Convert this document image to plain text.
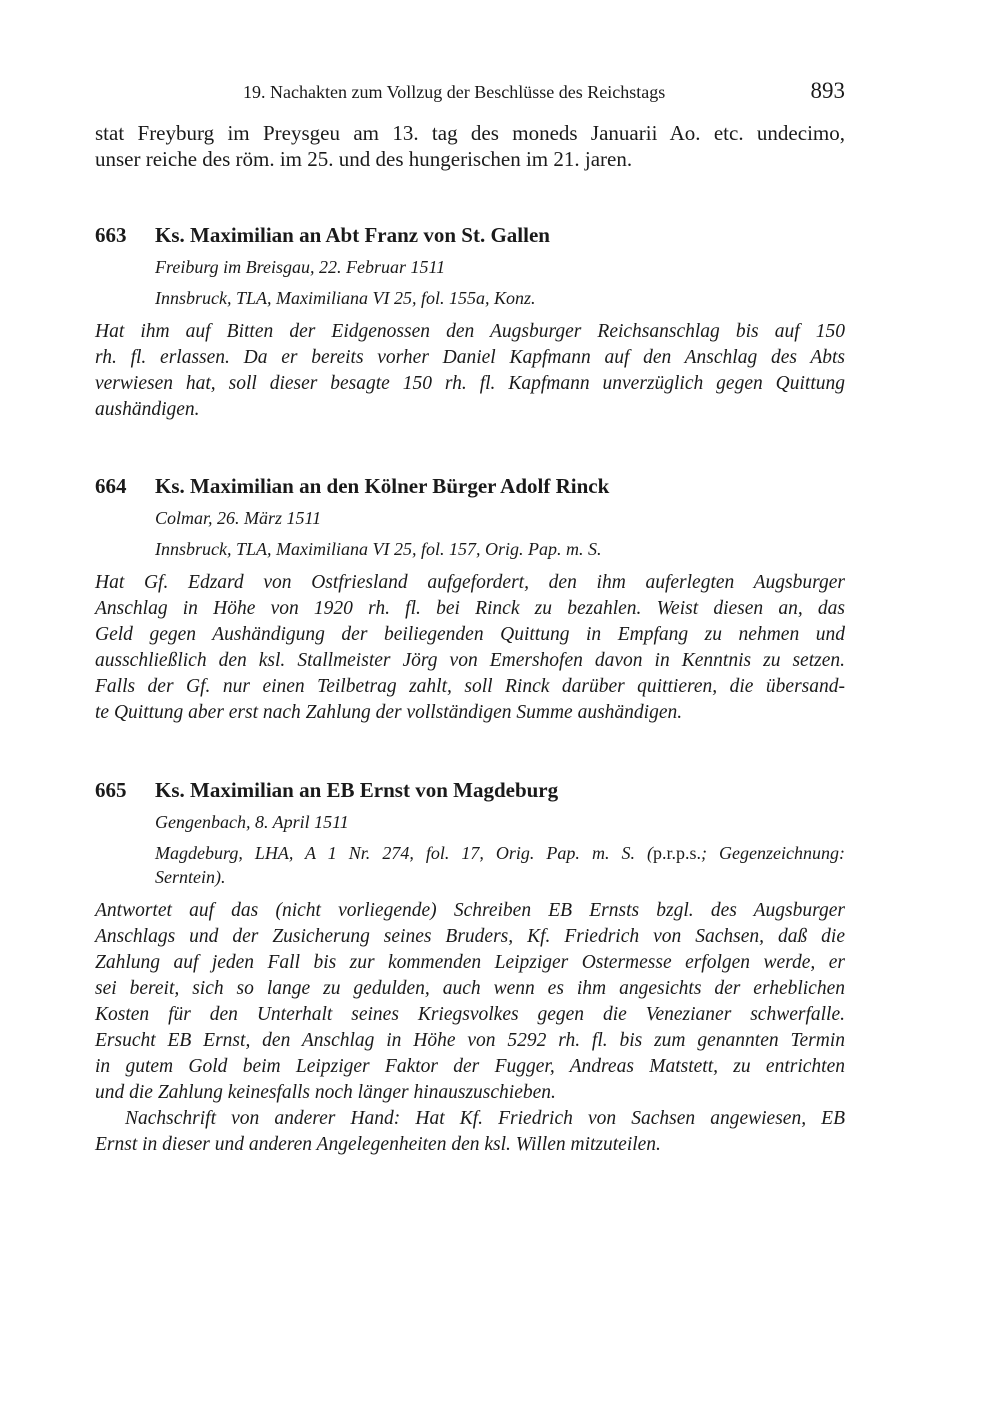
19. Nachakten zum Vollzug der Beschlüsse des Reichstags	893
stat Freyburg im Preysgeu am 13. tag des moneds Januarii Ao. etc. undecimo,
unser reiche des röm. im 25. und des hungerischen im 21. jaren.
663 Ks. Maximilian an Abt Franz von St. Gallen
Freiburg im Breisgau, 22. Februar 1511
Innsbruck, TLA, Maximiliana VI 25, fol. 155a, Konz.
Hat ihm auf Bitten der Eidgenossen den Augsburger Reichsanschlag bis auf 150
rh. fl. erlassen. Da er bereits vorher Daniel Kapfmann auf den Anschlag des Abts
verwiesen hat, soll dieser besagte 150 rh. fl. Kapfmann unverzüglich gegen Quittung
aushändigen.
664 Ks. Maximilian an den Kölner Bürger Adolf Rinck
Colmar, 26. März 1511
Innsbruck, TLA, Maximiliana VI 25, fol. 157, Orig. Pap. m. S.
Hat Gf. Edzard von Ostfriesland aufgefordert, den ihm auferlegten Augsburger
Anschlag in Höhe von 1920 rh. fl. bei Rinck zu bezahlen. Weist diesen an, das
Geld gegen Aushändigung der beiliegenden Quittung in Empfang zu nehmen und
ausschließlich den ksl. Stallmeister Jörg von Emershofen davon in Kenntnis zu setzen.
Falls der Gf. nur einen Teilbetrag zahlt, soll Rinck darüber quittieren, die übersand-
te Quittung aber erst nach Zahlung der vollständigen Summe aushändigen.
665 Ks. Maximilian an EB Ernst von Magdeburg
Gengenbach, 8. April 1511
Magdeburg, LHA, A 1 Nr. 274, fol. 17, Orig. Pap. m. S. (p.r.p.s.; Gegenzeichnung:
Serntein).
Antwortet auf das (nicht vorliegende) Schreiben EB Ernsts bzgl. des Augsburger
Anschlags und der Zusicherung seines Bruders, Kf. Friedrich von Sachsen, daß die
Zahlung auf jeden Fall bis zur kommenden Leipziger Ostermesse erfolgen werde, er
sei bereit, sich so lange zu gedulden, auch wenn es ihm angesichts der erheblichen
Kosten für den Unterhalt seines Kriegsvolkes gegen die Venezianer schwerfalle.
Ersucht EB Ernst, den Anschlag in Höhe von 5292 rh. fl. bis zum genannten Termin
in gutem Gold beim Leipziger Faktor der Fugger, Andreas Matstett, zu entrichten
und die Zahlung keinesfalls noch länger hinauszuschieben.
Nachschrift von anderer Hand: Hat Kf. Friedrich von Sachsen angewiesen, EB
Ernst in dieser und anderen Angelegenheiten den ksl. Willen mitzuteilen.
